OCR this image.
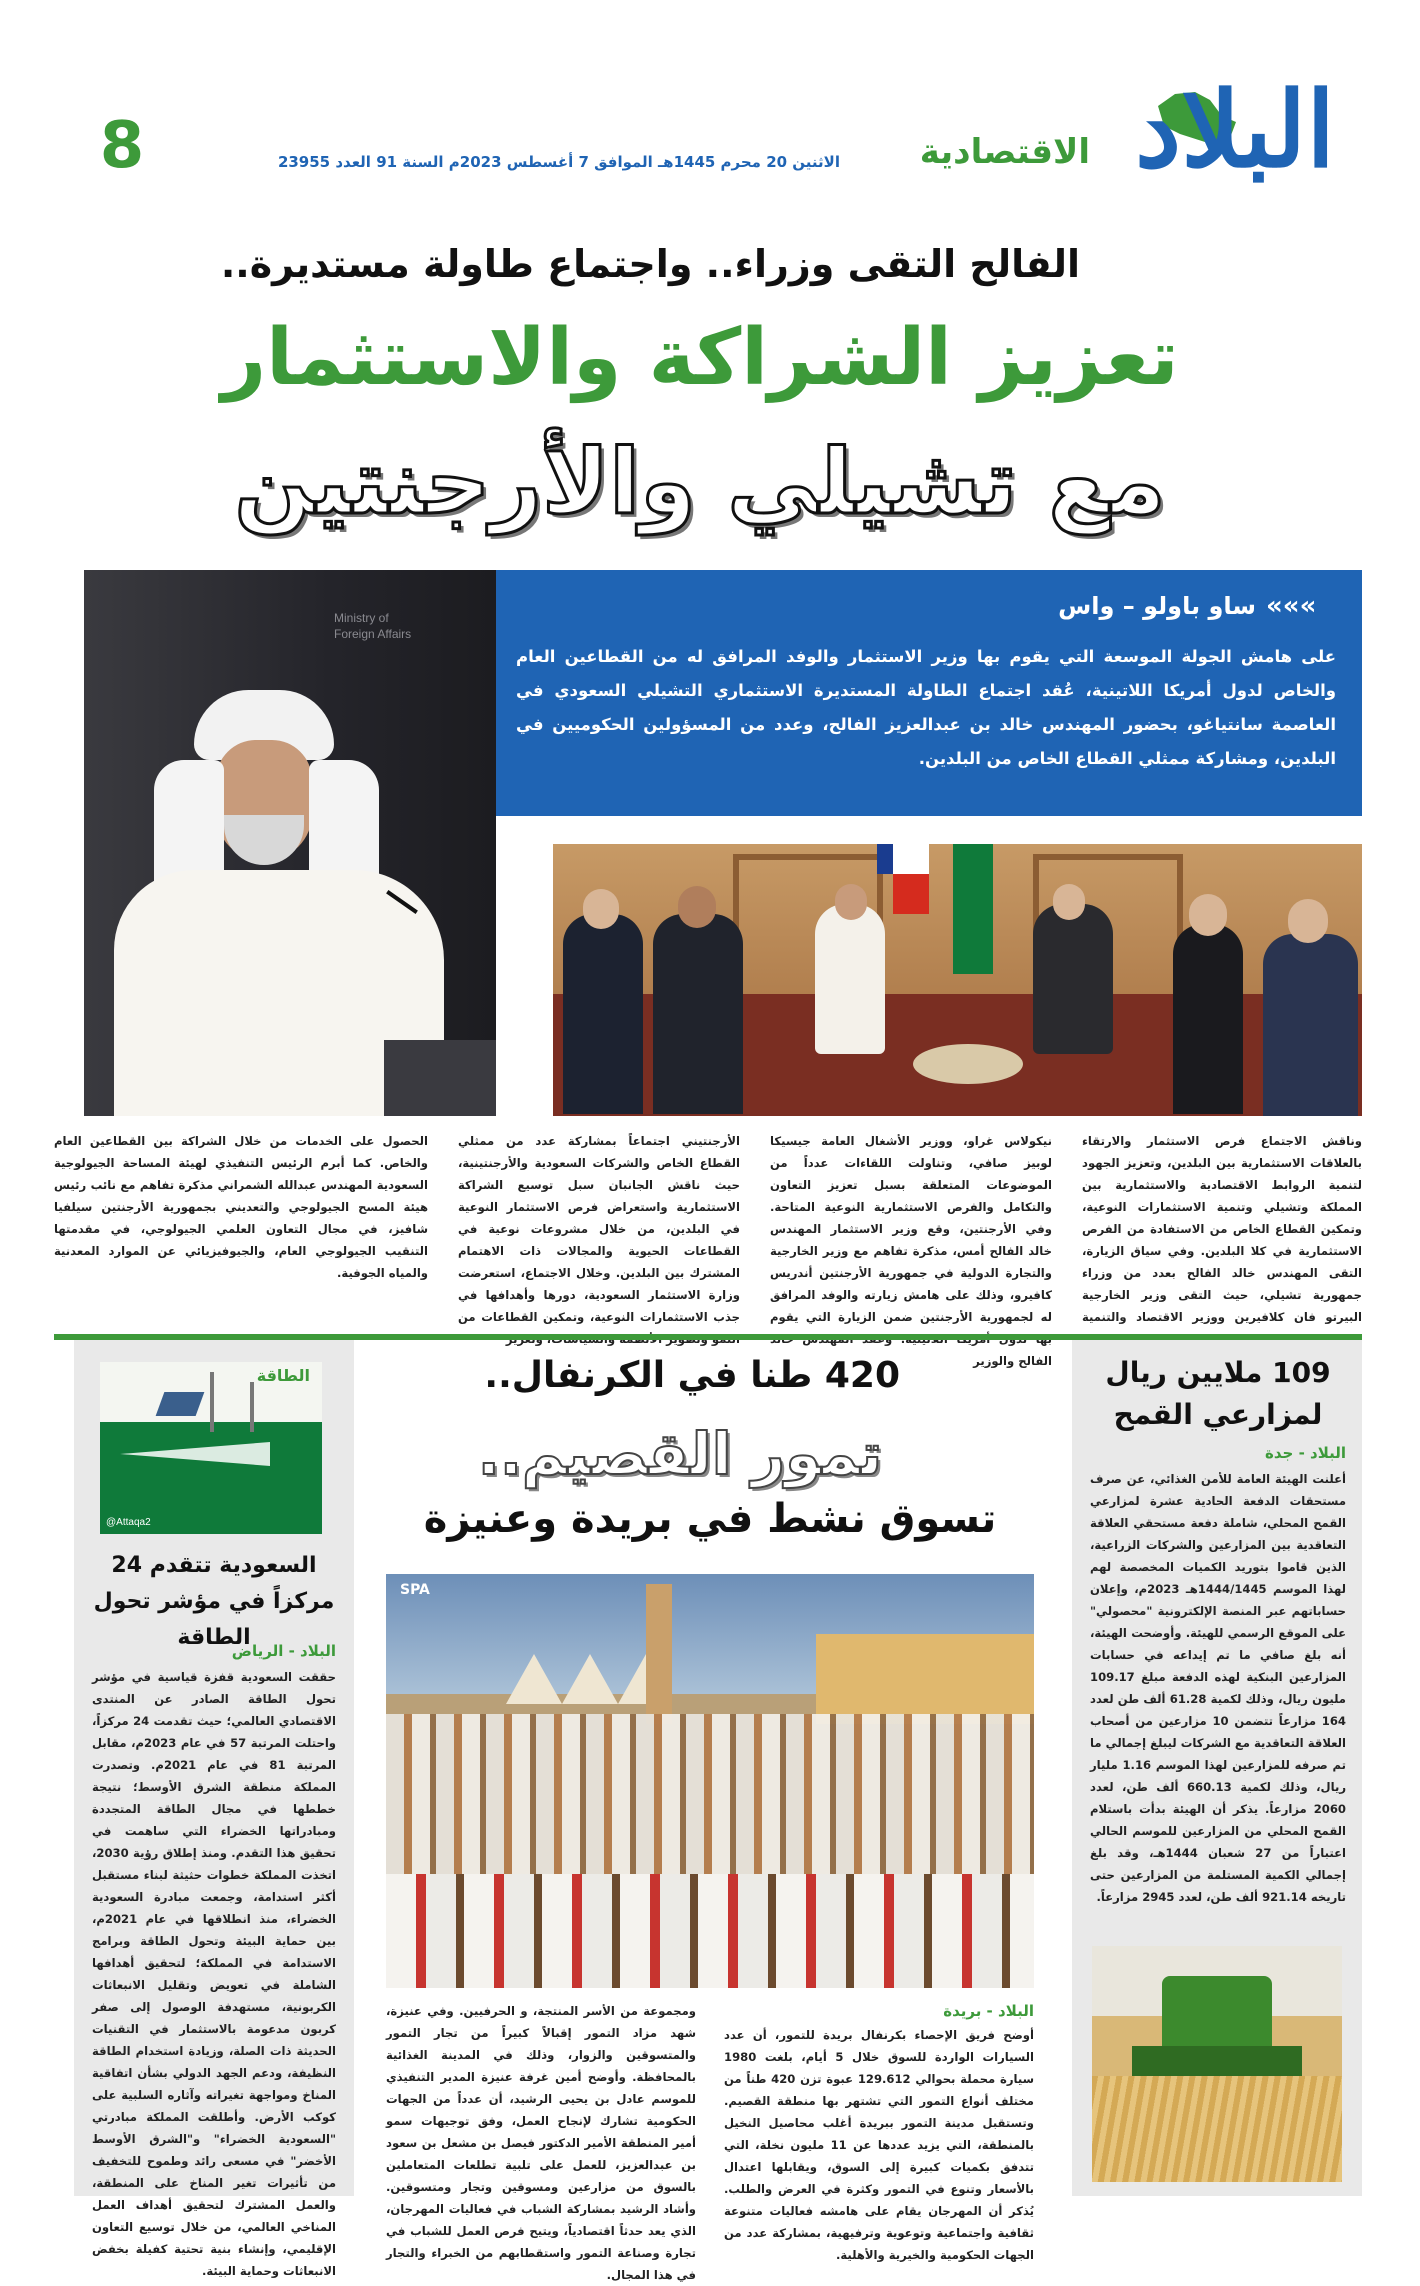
البلاد
الاقتصادية
الاثنين 20 محرم 1445هـ الموافق 7 أغسطس 2023م السنة 91 العدد 23955
8
الفالح التقى وزراء.. واجتماع طاولة مستديرة..
تعزيز الشراكة والاستثمار
مع تشيلي والأرجنتين
Ministry of Foreign Affairs
«««
ساو باولو – واس
على هامش الجولة الموسعة التي يقوم بها وزير الاستثمار والوفد المرافق له من القطاعين العام والخاص لدول أمريكا اللاتينية، عُقد اجتماع الطاولة المستديرة الاستثماري التشيلي السعودي في العاصمة سانتياغو، بحضور المهندس خالد بن عبدالعزيز الفالح، وعدد من المسؤولين الحكوميين في البلدين، ومشاركة ممثلي القطاع الخاص من البلدين.

وناقش الاجتماع فرص الاستثمار والارتقاء بالعلاقات الاستثمارية بين البلدين، وتعزيز الجهود لتنمية الروابط الاقتصادية والاستثمارية بين المملكة وتشيلي وتنمية الاستثمارات النوعية، وتمكين القطاع الخاص من الاستفادة من الفرص الاستثمارية في كلا البلدين. وفي سياق الزيارة، التقى المهندس خالد الفالح بعدد من وزراء جمهورية تشيلي، حيث التقى وزير الخارجية البيرتو فان كلافيرين ووزير الاقتصاد والتنمية

نيكولاس غراو، ووزير الأشغال العامة جيسيكا لوبيز صافي، وتناولت اللقاءات عدداً من الموضوعات المتعلقة بسبل تعزيز التعاون والتكامل والفرص الاستثمارية النوعية المتاحة. وفي الأرجنتين، وقع وزير الاستثمار المهندس خالد الفالح أمس، مذكرة تفاهم مع وزير الخارجية والتجارة الدولية في جمهورية الأرجنتين أندريس كافيرو، وذلك على هامش زيارته والوفد المرافق له لجمهورية الأرجنتين ضمن الزيارة التي يقوم الفالح والوزير

الأرجنتيني اجتماعاً بمشاركة عدد من ممثلي القطاع الخاص والشركات السعودية والأرجنتينية، حيث ناقش الجانبان سبل توسيع الشراكة الاستثمارية واستعراض فرص الاستثمار النوعية في البلدين، من خلال مشروعات نوعية في القطاعات الحيوية والمجالات ذات الاهتمام المشترك بين البلدين. وخلال الاجتماع، استعرضت وزارة الاستثمار السعودية، دورها وأهدافها في جذب الاستثمارات النوعية، وتمكين القطاعات من

الحصول على الخدمات من خلال الشراكة بين القطاعين العام والخاص. كما أبرم الرئيس التنفيذي لهيئة المساحة الجيولوجية السعودية المهندس عبدالله الشمراني مذكرة تفاهم مع نائب رئيس هيئة المسح الجيولوجي والتعديني بجمهورية الأرجنتين سيلفيا شافيز، في مجال التعاون العلمي الجيولوجي، في مقدمتها التنقيب الجيولوجي العام، والجيوفيزيائي عن الموارد المعدنية والمياه الجوفية.

109 ملايين ريال لمزارعي القمح
البلاد - جدة

أعلنت الهيئة العامة للأمن الغذائي، عن صرف مستحقات الدفعة الحادية عشرة لمزارعي القمح المحلي، شاملة دفعة مستحقي العلاقة التعاقدية بين المزارعين والشركات الزراعية، الذين قاموا بتوريد الكميات المخصصة لهم لهذا الموسم 1444/1445هـ 2023م، وإعلان حساباتهم عبر المنصة الإلكترونية "محصولي" على الموقع الرسمي للهيئة. وأوضحت الهيئة، أنه بلغ صافي ما تم إيداعه في حسابات المزارعين البنكية لهذه الدفعة مبلغ 109.17 مليون ريال، وذلك لكمية 61.28 ألف طن لعدد 164 مزارعاً تتضمن 10 مزارعين من أصحاب العلاقة التعاقدية مع الشركات ليبلغ إجمالي ما تم صرفه للمزارعين لهذا الموسم 1.16 مليار ريال، وذلك لكمية 660.13 ألف طن، لعدد 2060 مزارعاً. يذكر أن الهيئة بدأت باستلام القمح المحلي من المزارعين للموسم الحالي اعتباراً من 27 شعبان 1444هـ، وقد بلغ إجمالي الكمية المستلمة من المزارعين حتى تاريخه 921.14 ألف طن، لعدد 2945 مزارعاً.

420 طنا في الكرنفال..
تمور القصيم..
تسوق نشط في بريدة وعنيزة
SPA
البلاد - بريدة

أوضح فريق الإحصاء بكرنفال بريدة للتمور، أن عدد السيارات الواردة للسوق خلال 5 أيام، بلغت 1980 سيارة محملة بحوالي 129.612 عبوة تزن 420 طناً من مختلف أنواع التمور التي تشتهر بها منطقة القصيم. وتستقبل مدينة التمور ببريدة أغلب محاصيل النخيل بالمنطقة، التي يزيد عددها عن 11 مليون نخلة، التي تتدفق بكميات كبيرة إلى السوق، ويقابلها اعتدال بالأسعار وتنوع في التمور وكثرة في العرض والطلب. يُذكر أن المهرجان يقام على هامشه فعاليات متنوعة ثقافية واجتماعية وتوعوية وترفيهية، بمشاركة عدد من الجهات الحكومية والخيرية والأهلية.

ومجموعة من الأسر المنتجة، و الحرفيين. وفي عنيزة، شهد مزاد التمور إقبالاً كبيراً من تجار التمور والمتسوقين والزوار، وذلك في المدينة الغذائية بالمحافظة. وأوضح أمين غرفة عنيزة المدير التنفيذي للموسم عادل بن يحيى الرشيد، أن عدداً من الجهات الحكومية تشارك لإنجاح العمل، وفق توجيهات سمو أمير المنطقة الأمير الدكتور فيصل بن مشعل بن سعود بن عبدالعزيز، للعمل على تلبية تطلعات المتعاملين بالسوق من مزارعين ومسوقين وتجار ومتسوقين. وأشاد الرشيد بمشاركة الشباب في فعاليات المهرجان، الذي يعد حدثاً اقتصادياً، ويتيح فرص العمل للشباب في تجارة وصناعة التمور واستقطابهم من الخبراء والتجار في هذا المجال.

الطاقة
@Attaqa2
السعودية تتقدم 24 مركزاً في مؤشر تحول الطاقة
البلاد - الرياض

حققت السعودية قفزة قياسية في مؤشر تحول الطاقة الصادر عن المنتدى الاقتصادي العالمي؛ حيث تقدمت 24 مركزاً، واحتلت المرتبة 57 في عام 2023م، مقابل المرتبة 81 في عام 2021م. وتصدرت المملكة منطقة الشرق الأوسط؛ نتيجة خططها في مجال الطاقة المتجددة ومبادراتها الخضراء التي ساهمت في تحقيق هذا التقدم. ومنذ إطلاق رؤية 2030، اتخذت المملكة خطوات حثيثة لبناء مستقبل أكثر استدامة، وجمعت مبادرة السعودية الخضراء، منذ انطلاقها في عام 2021م، بين حماية البيئة وتحول الطاقة وبرامج الاستدامة في المملكة؛ لتحقيق أهدافها الشاملة في تعويض وتقليل الانبعاثات الكربونية، مستهدفة الوصول إلى صفر كربون مدعومة بالاستثمار في التقنيات الحديثة ذات الصلة، وزيادة استخدام الطاقة النظيفة، ودعم الجهد الدولي بشأن اتفاقية المناخ ومواجهة تغيراته وآثاره السلبية على كوكب الأرض. وأطلقت المملكة مبادرتي "السعودية الخضراء" و"الشرق الأوسط الأخضر" في مسعى رائد وطموح للتخفيف من تأثيرات تغير المناخ على المنطقة، والعمل المشترك لتحقيق أهداف العمل المناخي العالمي، من خلال توسيع التعاون الإقليمي، وإنشاء بنية تحتية كفيلة بخفض الانبعاثات وحماية البيئة.
